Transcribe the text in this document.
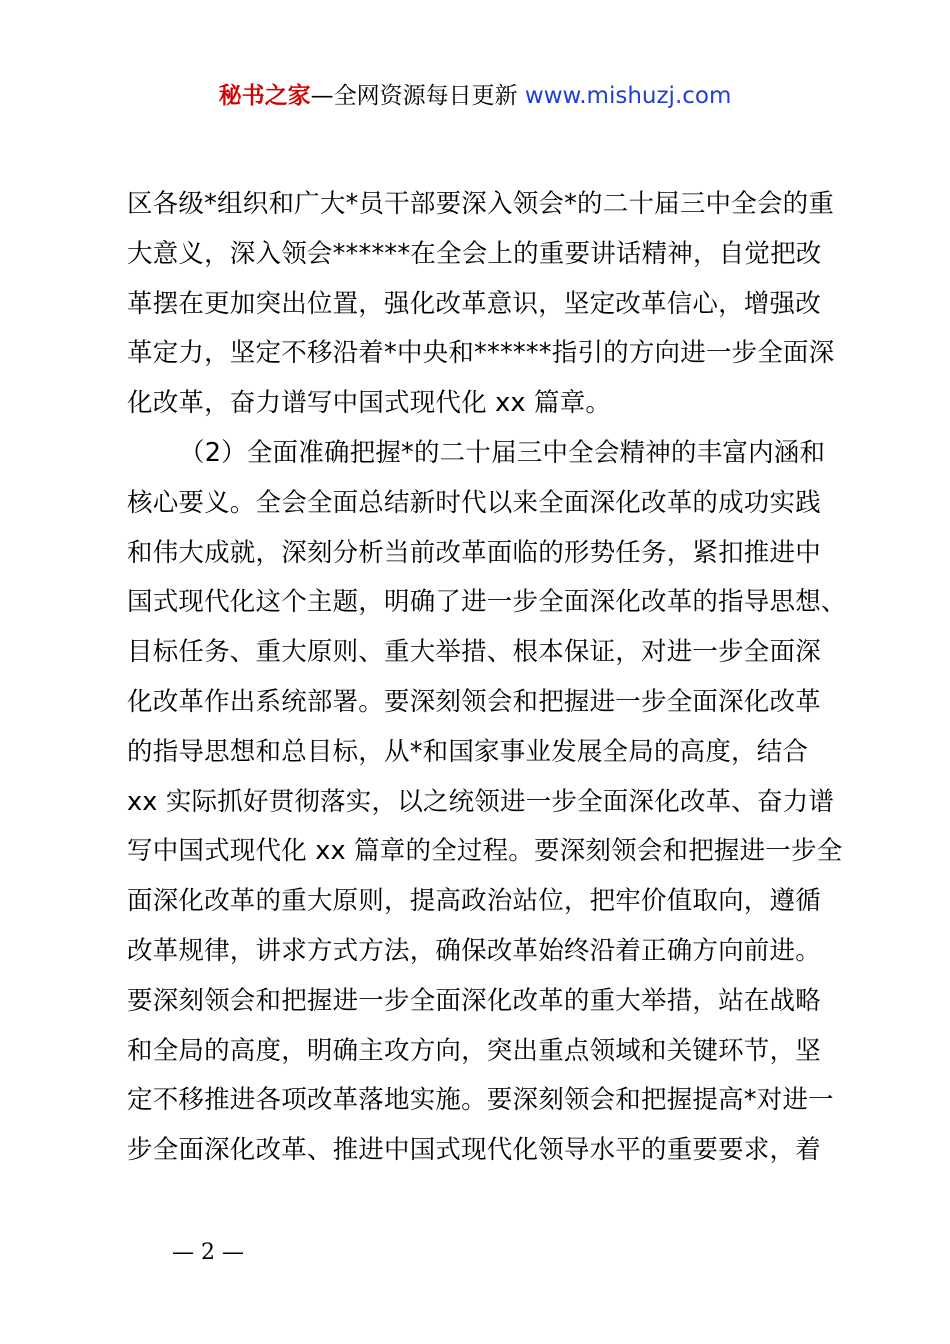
秘书之家—全网资源每日更新 www.mishuzj.com
区各级*组织和广大*员干部要深入领会*的二十届三中全会的重
大意义，深入领会******在全会上的重要讲话精神，自觉把改
革摆在更加突出位置，强化改革意识，坚定改革信心，增强改
革定力，坚定不移沿着*中央和******指引的方向进一步全面深
化改革，奋力谱写中国式现代化 xx 篇章。
（2）全面准确把握*的二十届三中全会精神的丰富内涵和
核心要义。全会全面总结新时代以来全面深化改革的成功实践
和伟大成就，深刻分析当前改革面临的形势任务，紧扣推进中
国式现代化这个主题，明确了进一步全面深化改革的指导思想、
目标任务、重大原则、重大举措、根本保证，对进一步全面深
化改革作出系统部署。要深刻领会和把握进一步全面深化改革
的指导思想和总目标，从*和国家事业发展全局的高度，结合
xx 实际抓好贯彻落实，以之统领进一步全面深化改革、奋力谱
写中国式现代化 xx 篇章的全过程。要深刻领会和把握进一步全
面深化改革的重大原则，提高政治站位，把牢价值取向，遵循
改革规律，讲求方式方法，确保改革始终沿着正确方向前进。
要深刻领会和把握进一步全面深化改革的重大举措，站在战略
和全局的高度，明确主攻方向，突出重点领域和关键环节，坚
定不移推进各项改革落地实施。要深刻领会和把握提高*对进一
步全面深化改革、推进中国式现代化领导水平的重要要求，着
— 2 —
